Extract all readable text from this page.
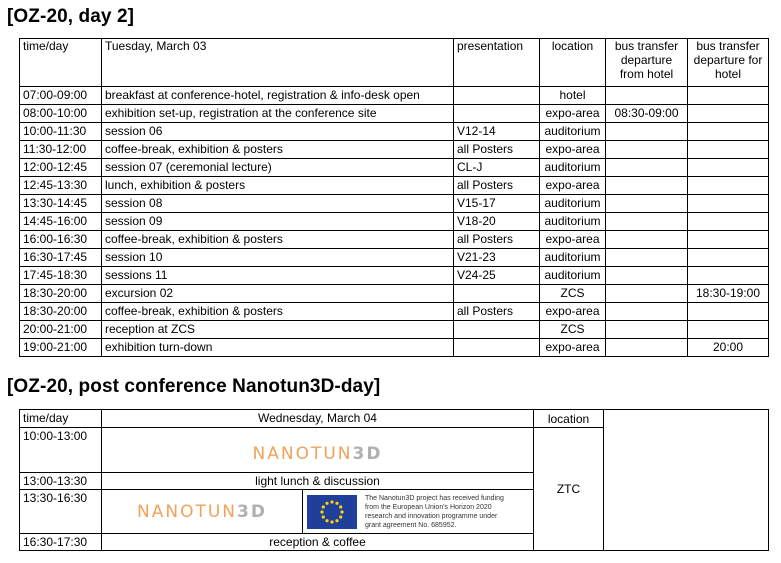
[OZ-20, day 2]
time/day	Tuesday, March 03	presentation	location	bus transfer departure from hotel	bus transfer departure for hotel
07:00-09:00	breakfast at conference-hotel, registration & info-desk open		hotel		
08:00-10:00	exhibition set-up, registration at the conference site		expo-area	08:30-09:00	
10:00-11:30	session 06	V12-14	auditorium		
11:30-12:00	coffee-break, exhibition & posters	all Posters	expo-area		
12:00-12:45	session 07 (ceremonial lecture)	CL-J	auditorium		
12:45-13:30	lunch, exhibition & posters	all Posters	expo-area		
13:30-14:45	session 08	V15-17	auditorium		
14:45-16:00	session 09	V18-20	auditorium		
16:00-16:30	coffee-break, exhibition & posters	all Posters	expo-area		
16:30-17:45	session 10	V21-23	auditorium		
17:45-18:30	sessions 11	V24-25	auditorium		
18:30-20:00	excursion 02		ZCS		18:30-19:00
18:30-20:00	coffee-break, exhibition & posters	all Posters	expo-area		
20:00-21:00	reception at ZCS		ZCS		
19:00-21:00	exhibition turn-down		expo-area		20:00
[OZ-20, post conference Nanotun3D-day]
time/day	Wednesday, March 04	location	
10:00-13:00	NANOTUN3D	ZTC	
13:00-13:30	light lunch & discussion		
13:30-16:30	NANOTUN3D
The Nanotun3D project has received funding
from the European Union's Horizon 2020
research and innovation programme under
grant agreement No. 685952.		

16:30-17:30	reception & coffee		
